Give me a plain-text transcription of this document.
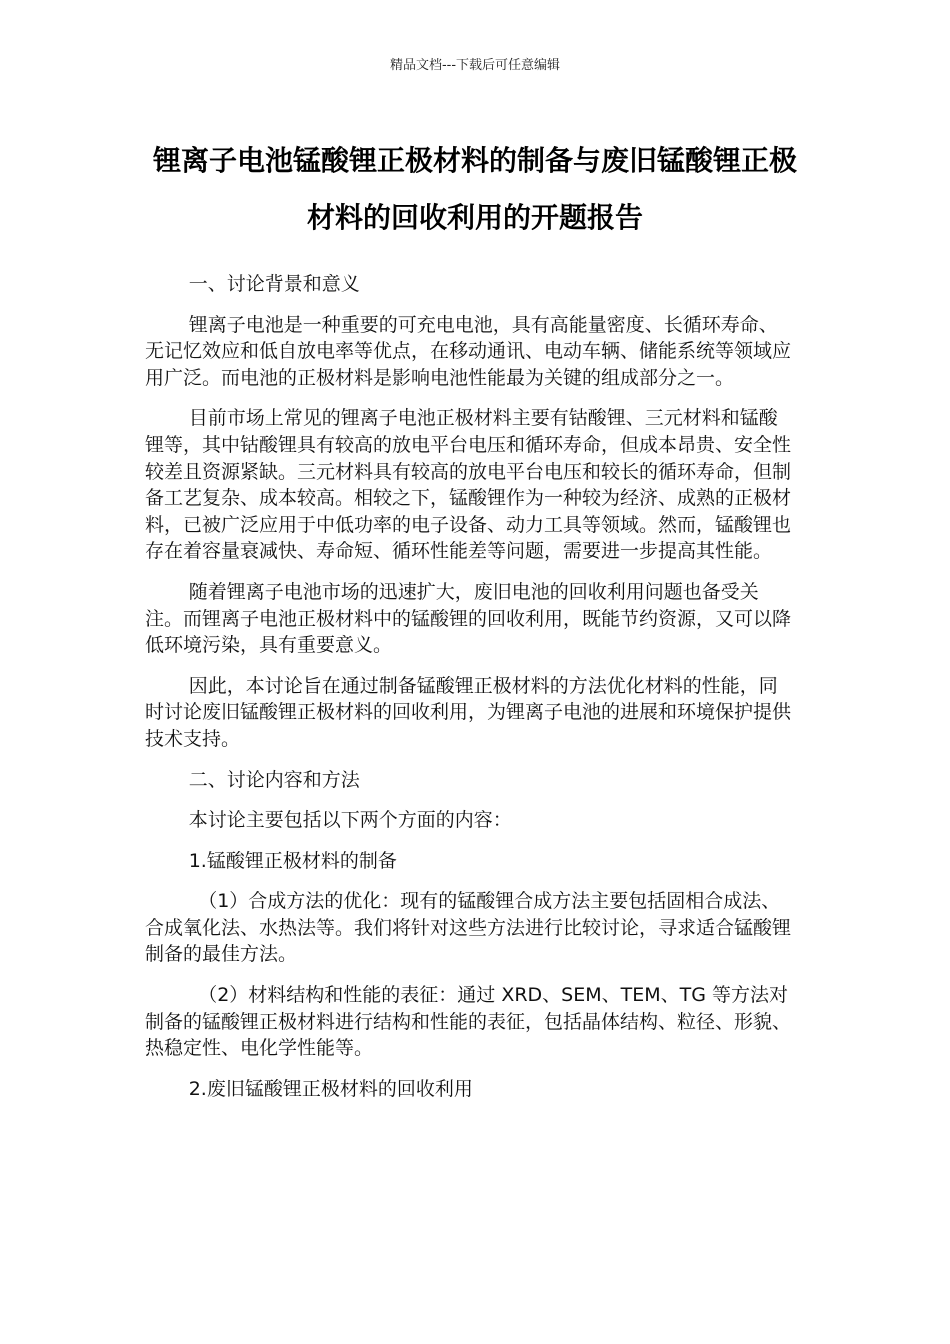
精品文档---下载后可任意编辑
锂离子电池锰酸锂正极材料的制备与废旧锰酸锂正极
材料的回收利用的开题报告

一、讨论背景和意义

锂离子电池是一种重要的可充电电池，具有高能量密度、长循环寿命、无记忆效应和低自放电率等优点，在移动通讯、电动车辆、储能系统等领域应用广泛。而电池的正极材料是影响电池性能最为关键的组成部分之一。

目前市场上常见的锂离子电池正极材料主要有钴酸锂、三元材料和锰酸锂等，其中钴酸锂具有较高的放电平台电压和循环寿命，但成本昂贵、安全性较差且资源紧缺。三元材料具有较高的放电平台电压和较长的循环寿命，但制备工艺复杂、成本较高。相较之下，锰酸锂作为一种较为经济、成熟的正极材料，已被广泛应用于中低功率的电子设备、动力工具等领域。然而，锰酸锂也存在着容量衰减快、寿命短、循环性能差等问题，需要进一步提高其性能。

随着锂离子电池市场的迅速扩大，废旧电池的回收利用问题也备受关注。而锂离子电池正极材料中的锰酸锂的回收利用，既能节约资源，又可以降低环境污染，具有重要意义。

因此，本讨论旨在通过制备锰酸锂正极材料的方法优化材料的性能，同时讨论废旧锰酸锂正极材料的回收利用，为锂离子电池的进展和环境保护提供技术支持。

二、讨论内容和方法

本讨论主要包括以下两个方面的内容：

1.锰酸锂正极材料的制备

（1）合成方法的优化：现有的锰酸锂合成方法主要包括固相合成法、合成氧化法、水热法等。我们将针对这些方法进行比较讨论，寻求适合锰酸锂制备的最佳方法。

（2）材料结构和性能的表征：通过 XRD、SEM、TEM、TG 等方法对制备的锰酸锂正极材料进行结构和性能的表征，包括晶体结构、粒径、形貌、热稳定性、电化学性能等。

2.废旧锰酸锂正极材料的回收利用
